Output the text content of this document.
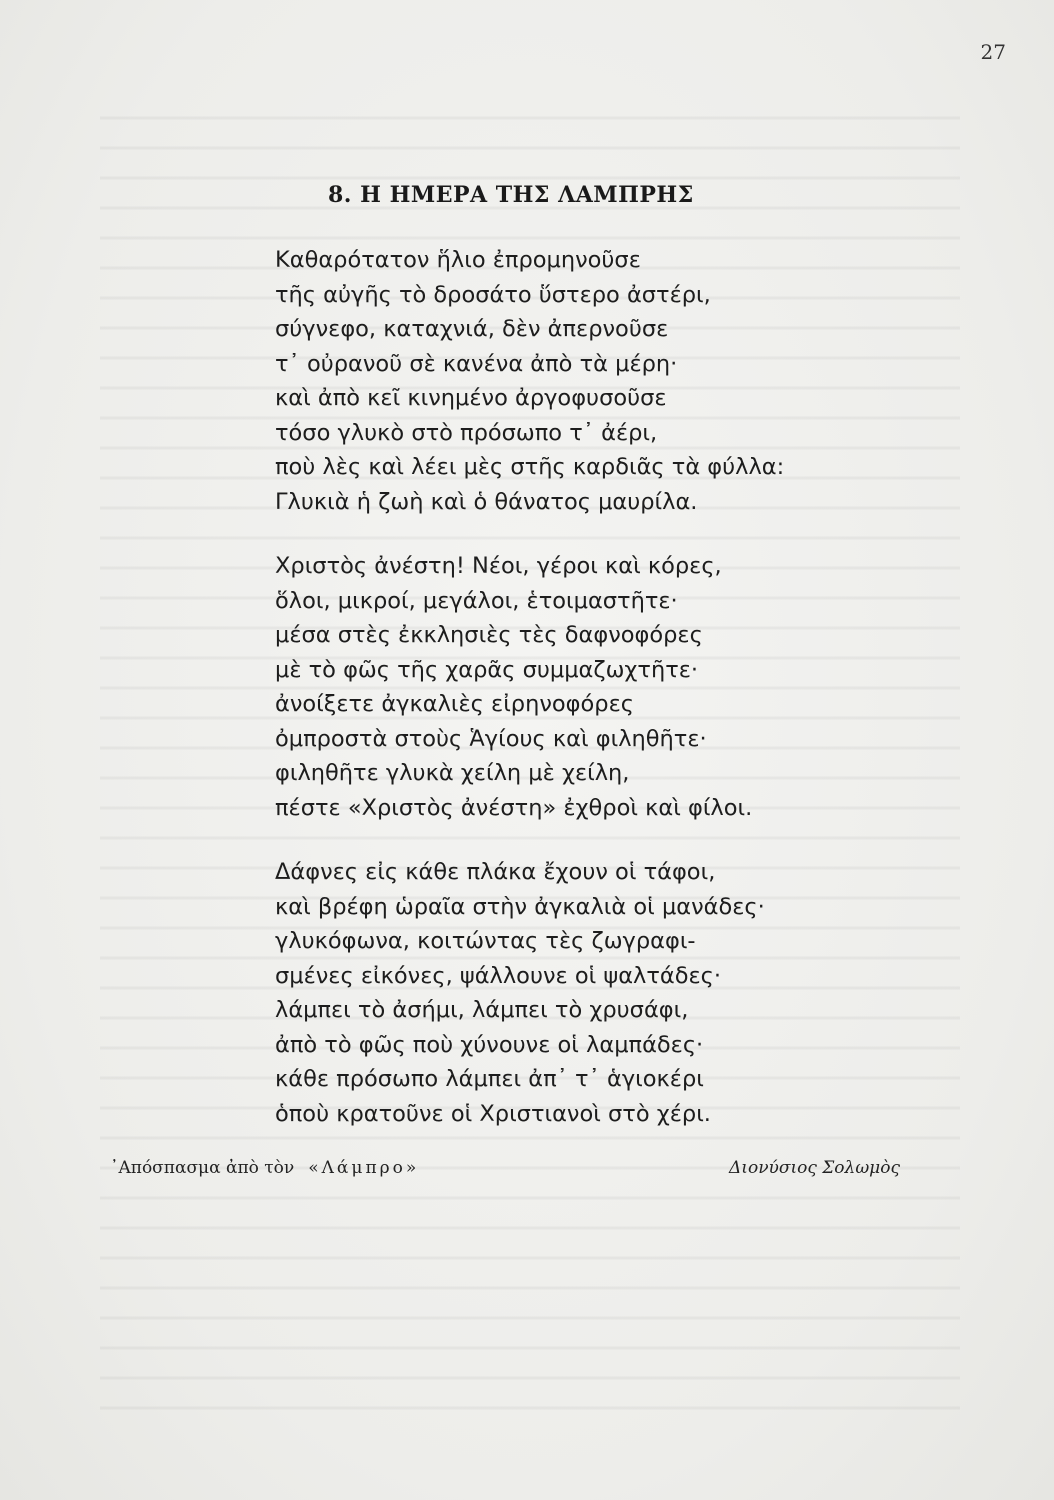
27
8. Η ΗΜΕΡΑ ΤΗΣ ΛΑΜΠΡΗΣ
Καθαρότατον ἥλιο ἐπρομηνοῦσε
τῆς αὐγῆς τὸ δροσάτο ὕστερο ἀστέρι,
σύγνεφο, καταχνιά, δὲν ἀπερνοῦσε
τ᾽ οὐρανοῦ σὲ κανένα ἀπὸ τὰ μέρη·
καὶ ἀπὸ κεῖ κινημένο ἀργοφυσοῦσε
τόσο γλυκὸ στὸ πρόσωπο τ᾽ ἀέρι,
ποὺ λὲς καὶ λέει μὲς στῆς καρδιᾶς τὰ φύλλα:
Γλυκιὰ ἡ ζωὴ καὶ ὁ θάνατος μαυρίλα.
Χριστὸς ἀνέστη! Νέοι, γέροι καὶ κόρες,
ὅλοι, μικροί, μεγάλοι, ἑτοιμαστῆτε·
μέσα στὲς ἐκκλησιὲς τὲς δαφνοφόρες
μὲ τὸ φῶς τῆς χαρᾶς συμμαζωχτῆτε·
ἀνοίξετε ἀγκαλιὲς εἰρηνοφόρες
ὀμπροστὰ στοὺς Ἁγίους καὶ φιληθῆτε·
φιληθῆτε γλυκὰ χείλη μὲ χείλη,
πέστε «Χριστὸς ἀνέστη» ἐχθροὶ καὶ φίλοι.
Δάφνες εἰς κάθε πλάκα ἔχουν οἱ τάφοι,
καὶ βρέφη ὡραῖα στὴν ἀγκαλιὰ οἱ μανάδες·
γλυκόφωνα, κοιτώντας τὲς ζωγραφι-
σμένες εἰκόνες, ψάλλουνε οἱ ψαλτάδες·
λάμπει τὸ ἀσήμι, λάμπει τὸ χρυσάφι,
ἀπὸ τὸ φῶς ποὺ χύνουνε οἱ λαμπάδες·
κάθε πρόσωπο λάμπει ἀπ᾽ τ᾽ ἁγιοκέρι
ὁποὺ κρατοῦνε οἱ Χριστιανοὶ στὸ χέρι.
᾽Απόσπασμα ἀπὸ τὸν «Λάμπρο»	Διονύσιος Σολωμὸς
